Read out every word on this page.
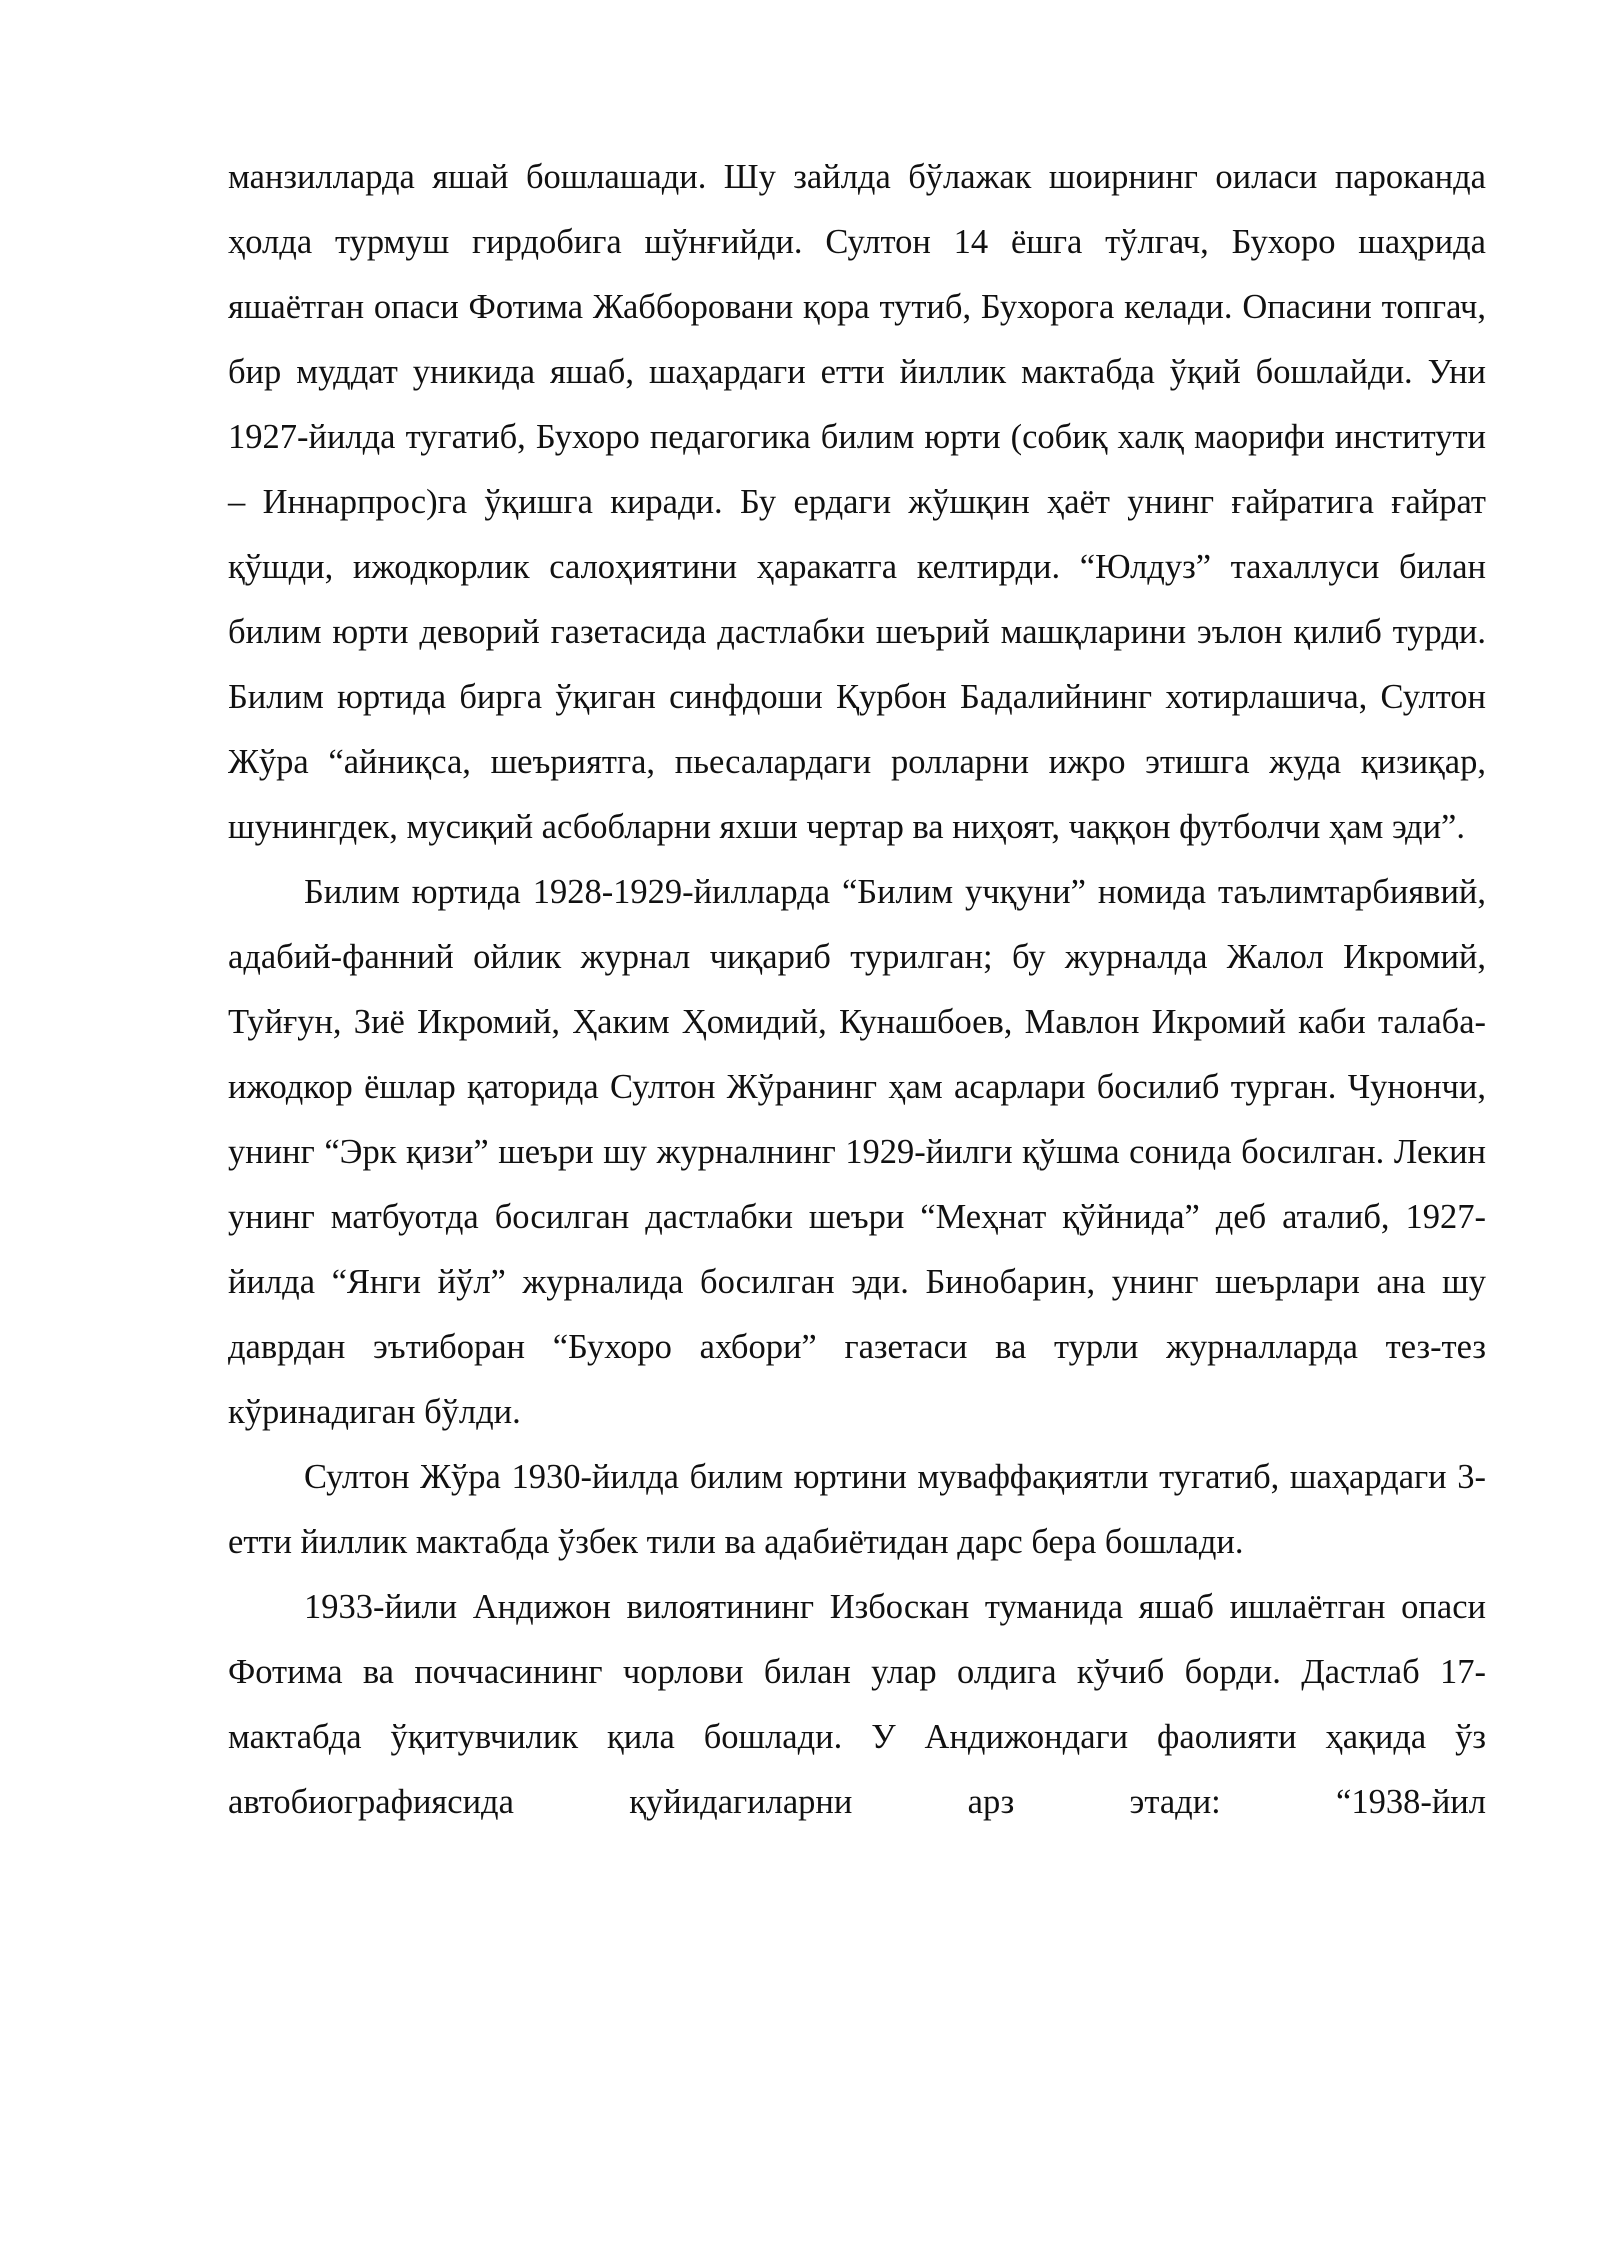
манзилларда яшай бошлашади. Шу зайлда бўлажак шоирнинг оиласи пароканда ҳолда турмуш гирдобига шўнғийди. Султон 14 ёшга тўлгач, Бухоро шаҳрида яшаётган опаси Фотима Жабборовани қора тутиб, Бухорога келади. Опасини топгач, бир муддат уникида яшаб, шаҳардаги етти йиллик мактабда ўқий бошлайди. Уни 1927-йилда тугатиб, Бухоро педагогика билим юрти (собиқ халқ маорифи институти – Иннарпрос)га ўқишга киради. Бу ердаги жўшқин ҳаёт унинг ғайратига ғайрат қўшди, ижодкорлик салоҳиятини ҳаракатга келтирди. “Юлдуз” тахаллуси билан билим юрти деворий газетасида дастлабки шеърий машқларини эълон қилиб турди. Билим юртида бирга ўқиган синфдоши Қурбон Бадалийнинг хотирлашича, Султон Жўра “айниқса, шеъриятга, пьесалардаги ролларни ижро этишга жуда қизиқар, шунингдек, мусиқий асбобларни яхши чертар ва ниҳоят, чаққон футболчи ҳам эди”.

Билим юртида 1928-1929-йилларда “Билим учқуни” номида таълимтарбиявий, адабий-фанний ойлик журнал чиқариб турилган; бу журналда Жалол Икромий, Туйғун, Зиё Икромий, Ҳаким Ҳомидий, Кунашбоев, Мавлон Икромий каби талаба-ижодкор ёшлар қаторида Султон Жўранинг ҳам асарлари босилиб турган. Чунончи, унинг “Эрк қизи” шеъри шу журналнинг 1929-йилги қўшма сонида босилган. Лекин унинг матбуотда босилган дастлабки шеъри “Меҳнат қўйнида” деб аталиб, 1927- йилда “Янги йўл” журналида босилган эди. Бинобарин, унинг шеърлари ана шу даврдан эътиборан “Бухоро ахбори” газетаси ва турли журналларда тез-тез кўринадиган бўлди.

Султон Жўра 1930-йилда билим юртини муваффақиятли тугатиб, шаҳардаги 3-етти йиллик мактабда ўзбек тили ва адабиётидан дарс бера бошлади.

1933-йили Андижон вилоятининг Избоскан туманида яшаб ишлаётган опаси Фотима ва поччасининг чорлови билан улар олдига кўчиб борди. Дастлаб 17-мактабда ўқитувчилик қила бошлади. У Андижондаги фаолияти ҳақида ўз автобиографиясида қуйидагиларни арз этади: “1938-йил
